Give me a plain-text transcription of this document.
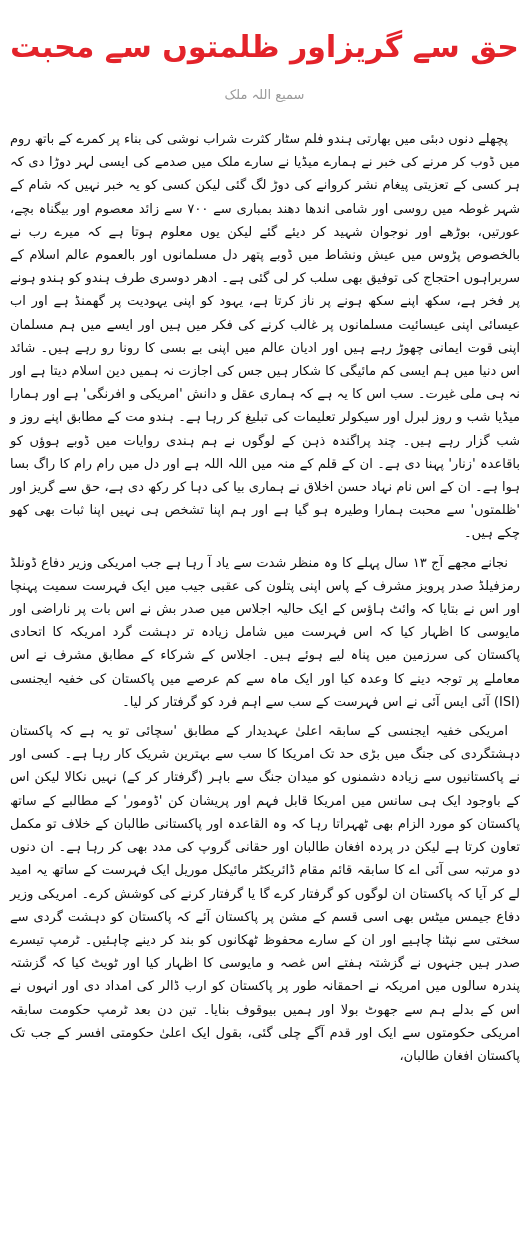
حق سے گریزاور ظلمتوں سے محبت
سمیع اللہ ملک

پچھلے دنوں دبئی میں بھارتی ہندو فلم سٹار کثرت شراب نوشی کی بناء پر کمرے کے باتھ روم میں ڈوب کر مرنے کی خبر نے ہمارے میڈیا نے سارے ملک میں صدمے کی ایسی لہر دوڑا دی کہ ہر کسی کے تعزیتی پیغام نشر کروانے کی دوڑ لگ گئی لیکن کسی کو یہ خبر نہیں کہ شام کے شہر غوطہ میں روسی اور شامی اندھا دھند بمباری سے ۷۰۰ سے زائد معصوم اور بیگناہ بچے، عورتیں، بوڑھے اور نوجوان شہید کر دیئے گئے لیکن یوں معلوم ہوتا ہے کہ میرے رب نے بالخصوص پڑوس میں عیش ونشاط میں ڈوبے پتھر دل مسلمانوں اور بالعموم عالم اسلام کے سربراہوں احتجاج کی توفیق بھی سلب کر لی گئی ہے۔ ادھر دوسری طرف ہندو کو ہندو ہونے پر فخر ہے، سکھ اپنے سکھ ہونے پر ناز کرتا ہے، یہود کو اپنی یہودیت پر گھمنڈ ہے اور اب عیسائی اپنی عیسائیت مسلمانوں پر غالب کرنے کی فکر میں ہیں اور ایسے میں ہم مسلمان اپنی قوت ایمانی چھوڑ رہے ہیں اور ادیان عالم میں اپنی بے بسی کا رونا رو رہے ہیں۔ شائد اس دنیا میں ہم ایسی کم مائیگی کا شکار ہیں جس کی اجازت نہ ہمیں دین اسلام دیتا ہے اور نہ ہی ملی غیرت۔ سب اس کا یہ ہے کہ ہماری عقل و دانش 'امریکی و افرنگی' ہے اور ہمارا میڈیا شب و روز لبرل اور سیکولر تعلیمات کی تبلیغ کر رہا ہے۔ ہندو مت کے مطابق اپنے روز و شب گزار رہے ہیں۔ چند پراگندہ ذہن کے لوگوں نے ہم ہندی روایات میں ڈوبے ہوؤں کو باقاعدہ 'زنار' پہنا دی ہے۔ ان کے قلم کے منہ میں اللہ اللہ ہے اور دل میں رام رام کا راگ بسا ہوا ہے۔ ان کے اس نام نہاد حسن اخلاق نے ہماری بیا کی دہا کر رکھ دی ہے، حق سے گریز اور 'ظلمتوں' سے محبت ہمارا وطیرہ ہو گیا ہے اور ہم اپنا تشخص ہی نہیں اپنا ثبات بھی کھو چکے ہیں۔

نجانے مجھے آج ۱۳ سال پہلے کا وہ منظر شدت سے یاد آ رہا ہے جب امریکی وزیر دفاع ڈونلڈ رمزفیلڈ صدر پرویز مشرف کے پاس اپنی پتلون کی عقبی جیب میں ایک فہرست سمیت پہنچا اور اس نے بتایا کہ وائٹ ہاؤس کے ایک حالیہ اجلاس میں صدر بش نے اس بات پر ناراضی اور مایوسی کا اظہار کیا کہ اس فہرست میں شامل زیادہ تر دہشت گرد امریکہ کا اتحادی پاکستان کی سرزمین میں پناہ لیے ہوئے ہیں۔ اجلاس کے شرکاء کے مطابق مشرف نے اس معاملے پر توجہ دینے کا وعدہ کیا اور ایک ماہ سے کم عرصے میں پاکستان کی خفیہ ایجنسی (ISI) آئی ایس آئی نے اس فہرست کے سب سے اہم فرد کو گرفتار کر لیا۔

امریکی خفیہ ایجنسی کے سابقہ اعلیٰ عہدیدار کے مطابق 'سچائی تو یہ ہے کہ پاکستان دہشتگردی کی جنگ میں بڑی حد تک امریکا کا سب سے بہترین شریک کار رہا ہے۔ کسی اور نے پاکستانیوں سے زیادہ دشمنوں کو میدان جنگ سے باہر (گرفتار کر کے) نہیں نکالا لیکن اس کے باوجود ایک ہی سانس میں امریکا قابل فہم اور پریشان کن 'ڈومور' کے مطالبے کے ساتھ پاکستان کو مورد الزام بھی ٹھہراتا رہا کہ وہ القاعدہ اور پاکستانی طالبان کے خلاف تو مکمل تعاون کرتا ہے لیکن در پردہ افغان طالبان اور حقانی گروپ کی مدد بھی کر رہا ہے۔ ان دنوں دو مرتبہ سی آئی اے کا سابقہ قائم مقام ڈائریکٹر مائیکل موریل ایک فہرست کے ساتھ یہ امید لے کر آیا کہ پاکستان ان لوگوں کو گرفتار کرے گا یا گرفتار کرنے کی کوشش کرے۔ امریکی وزیر دفاع جیمس میٹس بھی اسی قسم کے مشن پر پاکستان آئے کہ پاکستان کو دہشت گردی سے سختی سے نپٹنا چاہیے اور ان کے سارے محفوظ ٹھکانوں کو بند کر دینے چاہئیں۔ ٹرمپ تیسرے صدر ہیں جنہوں نے گزشتہ ہفتے اس غصہ و مایوسی کا اظہار کیا اور ٹویٹ کیا کہ گزشتہ پندرہ سالوں میں امریکہ نے احمقانہ طور پر پاکستان کو ارب ڈالر کی امداد دی اور انہوں نے اس کے بدلے ہم سے جھوٹ بولا اور ہمیں بیوقوف بنایا۔ تین دن بعد ٹرمپ حکومت سابقہ امریکی حکومتوں سے ایک اور قدم آگے چلی گئی، بقول ایک اعلیٰ حکومتی افسر کے جب تک پاکستان افغان طالبان،
